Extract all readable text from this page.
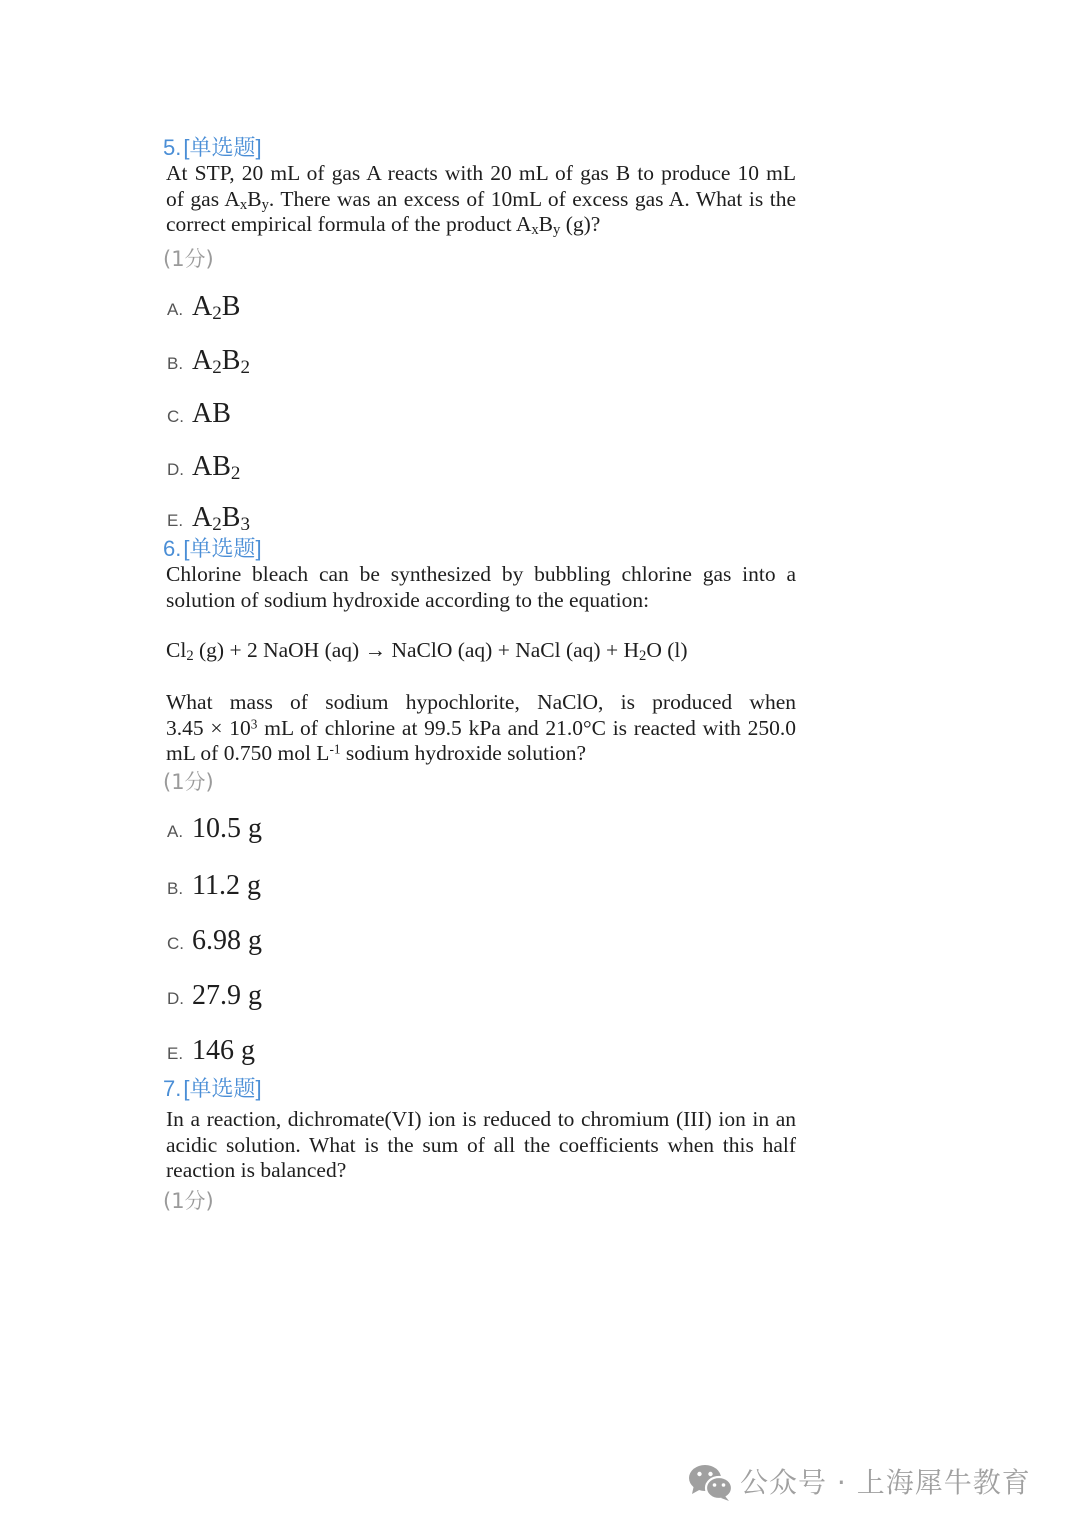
5.[单选题]
At STP, 20 mL of gas A reacts with 20 mL of gas B to produce 10 mL
of gas $A_xB_y$. There was an excess of 10mL of excess gas A. What is the
correct empirical formula of the product $A_xB_y$ (g)?
(1分)
A. $A_2B$
B. $A_2B_2$
C. AB
D. $AB_2$
E. $A_2B_3$
6.[单选题]
Chlorine bleach can be synthesized by bubbling chlorine gas into a
solution of sodium hydroxide according to the equation:
$Cl_2$ (g) + 2 NaOH (aq) → NaClO (aq) + NaCl $(aq) + H_2O$ (l)
What mass of sodium hypochlorite, NaClO, is produced when
$3.45 \times 10^3$ mL of chlorine at 99.5 kPa and 21.0°C is reacted with 250.0
mL of 0.750 mol $L^{-1}$ sodium hydroxide solution?
(1分)
A. 10.5 g
B. 11.2 g
C. 6.98 g
D. 27.9 g
E. 146 g
7.[单选题]
In a reaction, dichromate(VI) ion is reduced to chromium (III) ion in an
acidic solution. What is the sum of all the coefficients when this half
reaction is balanced?
(1分)
公众号 · 上海犀牛教育
